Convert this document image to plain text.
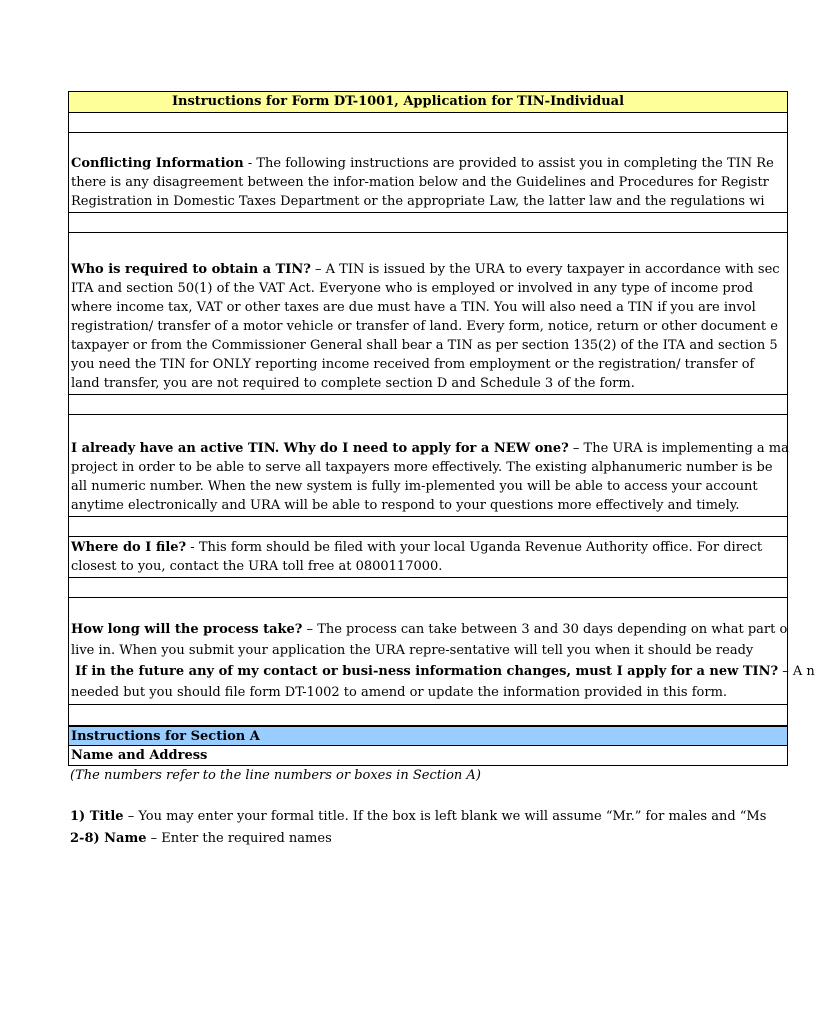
Instructions for Form DT-1001, Application for TIN-Individual
Conflicting Information - The following instructions are provided to assist you in completing the TIN Re
there is any disagreement between the infor-mation below and the Guidelines and Procedures for Registr
Registration in Domestic Taxes Department or the appropriate Law, the latter law and the regulations wi
Who is required to obtain a TIN? – A TIN is issued by the URA to every taxpayer in accordance with sec
ITA and section 50(1) of the VAT Act. Everyone who is employed or involved in any type of income prod
where income tax, VAT or other taxes are due must have a TIN. You will also need a TIN if you are invol
registration/ transfer of a motor vehicle or transfer of land. Every form, notice, return or other document e
taxpayer or from the Commissioner General shall bear a TIN as per section 135(2) of the ITA and section 5
you need the TIN for ONLY reporting income received from employment or the registration/ transfer of
land transfer, you are not required to complete section D and Schedule 3 of the form.
I already have an active TIN. Why do I need to apply for a NEW one? – The URA is implementing a ma
project in order to be able to serve all taxpayers more effectively. The existing alphanumeric number is be
all numeric number. When the new system is fully im-plemented you will be able to access your account
anytime electronically and URA will be able to respond to your questions more effectively and timely.
Where do I file? - This form should be filed with your local Uganda Revenue Authority office. For direct
closest to you, contact the URA toll free at 0800117000.
How long will the process take? – The process can take between 3 and 30 days depending on what part o
live in. When you submit your application the URA repre-sentative will tell you when it should be ready
If in the future any of my contact or busi-ness information changes, must I apply for a new TIN? – A n
needed but you should file form DT-1002 to amend or update the information provided in this form.
Instructions for Section A
Name and Address
(The numbers refer to the line numbers or boxes in Section A)
1) Title – You may enter your formal title. If the box is left blank we will assume “Mr.” for males and “Ms
2-8) Name – Enter the required names
